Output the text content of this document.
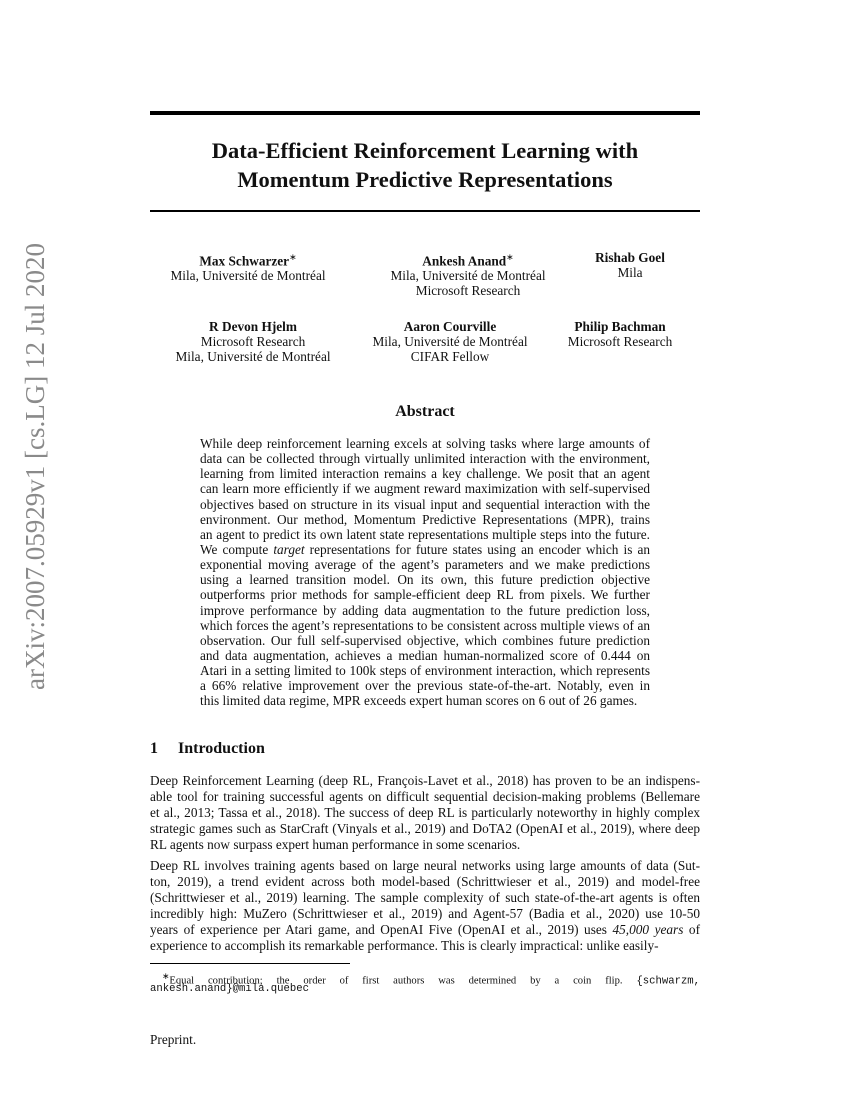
arXiv:2007.05929v1 [cs.LG] 12 Jul 2020
Data-Efficient Reinforcement Learning with
Momentum Predictive Representations
Max Schwarzer∗
Mila, Université de Montréal
Ankesh Anand∗
Mila, Université de Montréal
Microsoft Research
Rishab Goel
Mila
R Devon Hjelm
Microsoft Research
Mila, Université de Montréal
Aaron Courville
Mila, Université de Montréal
CIFAR Fellow
Philip Bachman
Microsoft Research
Abstract
While deep reinforcement learning excels at solving tasks where large amounts of
data can be collected through virtually unlimited interaction with the environment,
learning from limited interaction remains a key challenge. We posit that an agent
can learn more efficiently if we augment reward maximization with self-supervised
objectives based on structure in its visual input and sequential interaction with the
environment. Our method, Momentum Predictive Representations (MPR), trains
an agent to predict its own latent state representations multiple steps into the future.
We compute target representations for future states using an encoder which is an
exponential moving average of the agent’s parameters and we make predictions
using a learned transition model. On its own, this future prediction objective
outperforms prior methods for sample-efficient deep RL from pixels. We further
improve performance by adding data augmentation to the future prediction loss,
which forces the agent’s representations to be consistent across multiple views of an
observation. Our full self-supervised objective, which combines future prediction
and data augmentation, achieves a median human-normalized score of 0.444 on
Atari in a setting limited to 100k steps of environment interaction, which represents
a 66% relative improvement over the previous state-of-the-art. Notably, even in
this limited data regime, MPR exceeds expert human scores on 6 out of 26 games.
1 Introduction
Deep Reinforcement Learning (deep RL, François-Lavet et al., 2018) has proven to be an indispens-
able tool for training successful agents on difficult sequential decision-making problems (Bellemare
et al., 2013; Tassa et al., 2018). The success of deep RL is particularly noteworthy in highly complex
strategic games such as StarCraft (Vinyals et al., 2019) and DoTA2 (OpenAI et al., 2019), where deep
RL agents now surpass expert human performance in some scenarios.
Deep RL involves training agents based on large neural networks using large amounts of data (Sut-
ton, 2019), a trend evident across both model-based (Schrittwieser et al., 2019) and model-free
(Schrittwieser et al., 2019) learning. The sample complexity of such state-of-the-art agents is often
incredibly high: MuZero (Schrittwieser et al., 2019) and Agent-57 (Badia et al., 2020) use 10-50
years of experience per Atari game, and OpenAI Five (OpenAI et al., 2019) uses 45,000 years of
experience to accomplish its remarkable performance. This is clearly impractical: unlike easily-
∗Equal contribution; the order of first authors was determined by a coin flip. {schwarzm,
ankesh.anand}@mila.quebec
Preprint.
